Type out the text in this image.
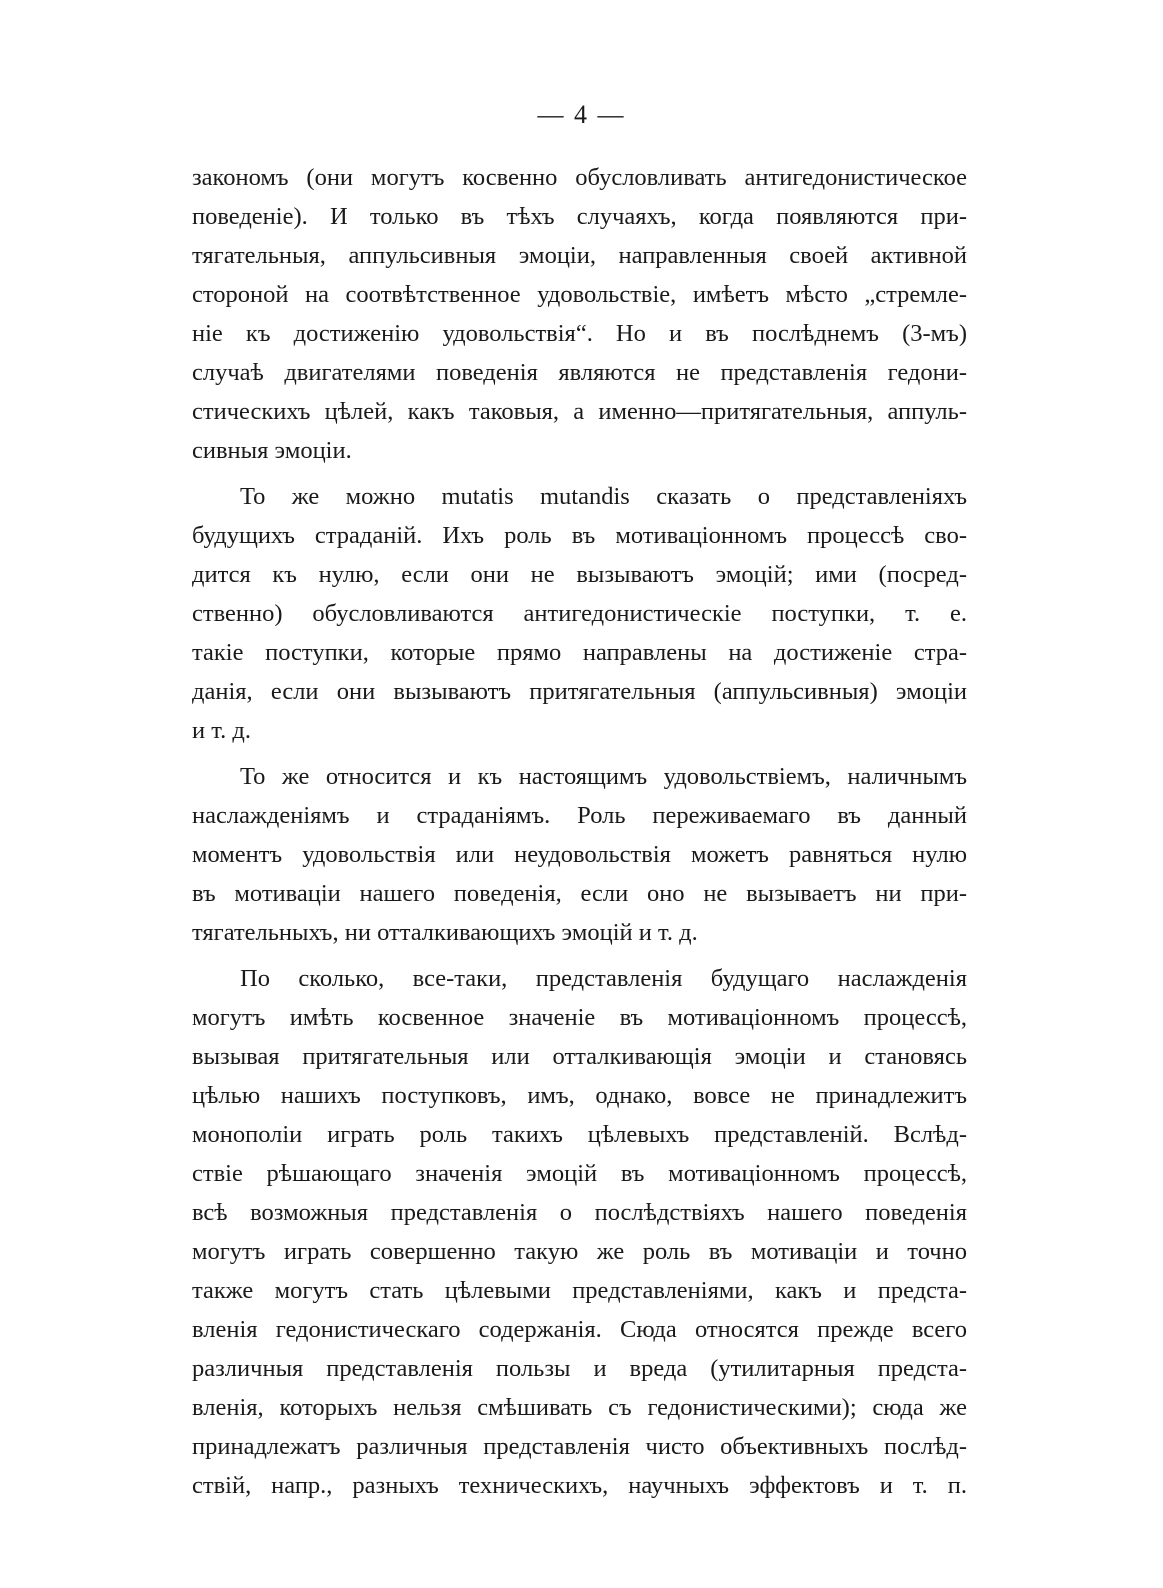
— 4 —
закономъ (они могутъ косвенно обусловливать антигедонистическое
поведенie). И только въ тѣхъ случаяхъ, когда появляются при-
тягательныя, аппульсивныя эмоцiи, направленныя своей активной
стороной на соотвѣтственное удовольствiе, имѣетъ мѣсто „стремле-
нiе къ достиженiю удовольствiя“. Но и въ послѣднемъ (3-мъ)
случаѣ двигателями поведенiя являются не представленiя гедони-
стическихъ цѣлей, какъ таковыя, а именно—притягательныя, аппуль-
сивныя эмоцiи.
То же можно mutatis mutandis сказать о представленiяхъ
будущихъ страданiй. Ихъ роль въ мотивацiонномъ процессѣ сво-
дится къ нулю, если они не вызываютъ эмоцiй; ими (посред-
ственно) обусловливаются антигедонистическiе поступки, т. е.
такiе поступки, которые прямо направлены на достиженiе стра-
данiя, если они вызываютъ притягательныя (аппульсивныя) эмоцiи
и т. д.
То же относится и къ настоящимъ удовольствiемъ, наличнымъ
наслажденiямъ и страданiямъ. Роль переживаемаго въ данный
моментъ удовольствiя или неудовольствiя можетъ равняться нулю
въ мотивацiи нашего поведенiя, если оно не вызываетъ ни при-
тягательныхъ, ни отталкивающихъ эмоцiй и т. д.
По сколько, все-таки, представленiя будущаго наслажденiя
могутъ имѣть косвенное значенiе въ мотивацiонномъ процессѣ,
вызывая притягательныя или отталкивающiя эмоцiи и становясь
цѣлью нашихъ поступковъ, имъ, однако, вовсе не принадлежитъ
монополiи играть роль такихъ цѣлевыхъ представленiй. Вслѣд-
ствiе рѣшающаго значенiя эмоцiй въ мотивацiонномъ процессѣ,
всѣ возможныя представленiя о послѣдствiяхъ нашего поведенiя
могутъ играть совершенно такую же роль въ мотивацiи и точно
также могутъ стать цѣлевыми представленiями, какъ и предста-
вленiя гедонистическаго содержанiя. Сюда относятся прежде всего
различныя представленiя пользы и вреда (утилитарныя предста-
вленiя, которыхъ нельзя смѣшивать съ гедонистическими); сюда же
принадлежатъ различныя представленiя чисто объективныхъ послѣд-
ствiй, напр., разныхъ техническихъ, научныхъ эффектовъ и т. п.
